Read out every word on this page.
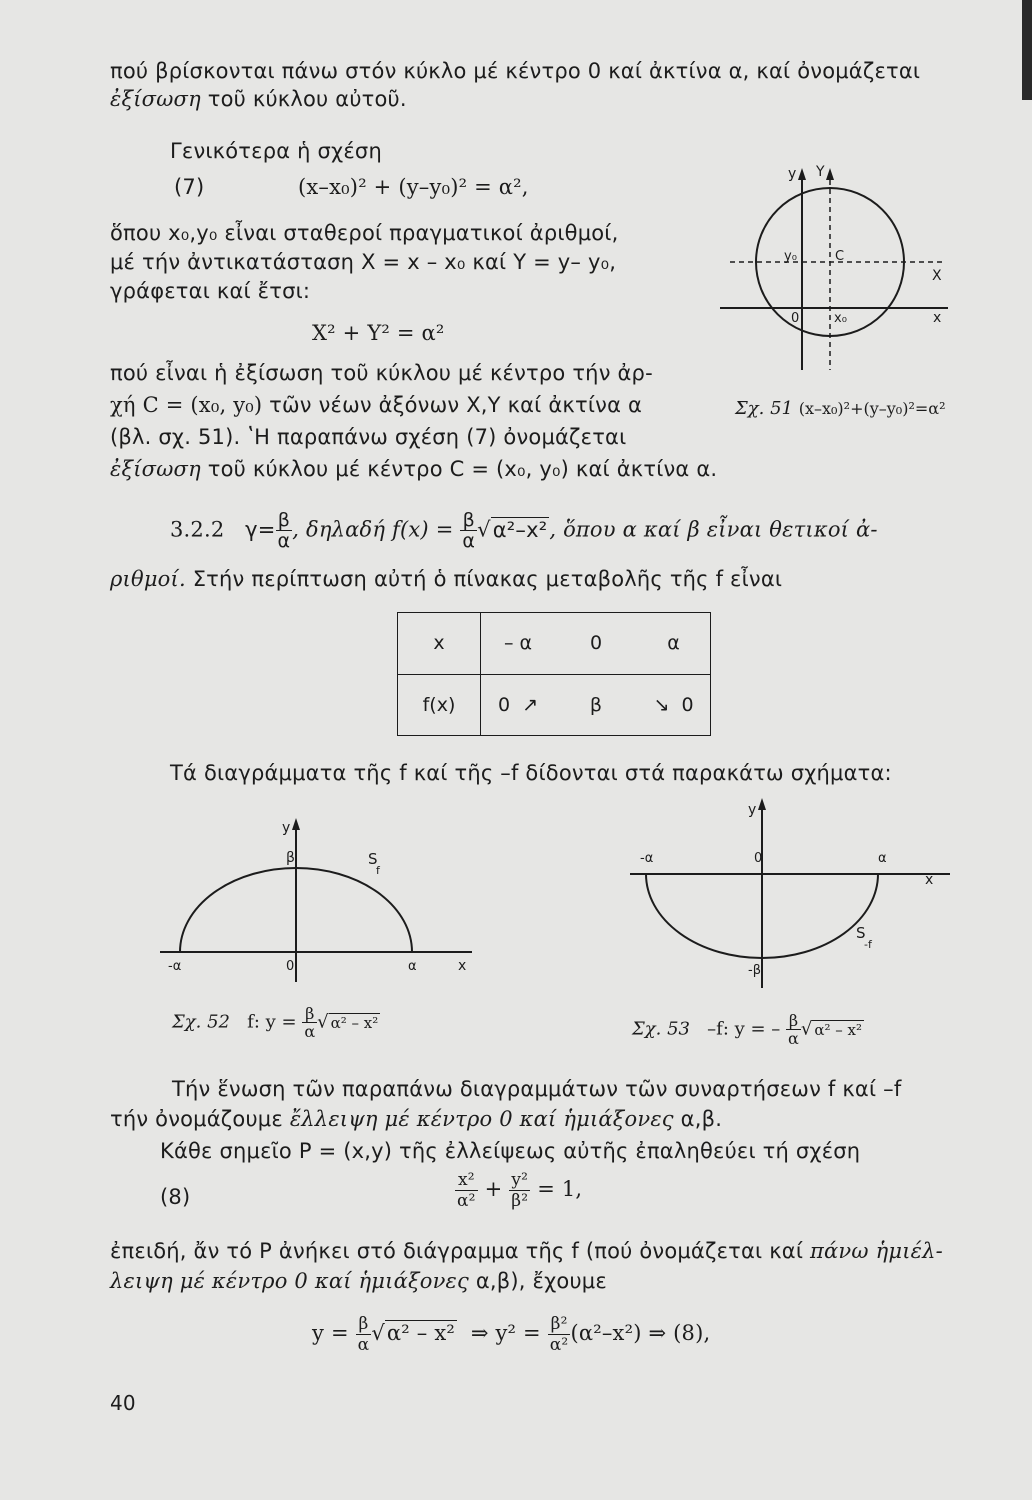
πού βρίσκονται πάνω στόν κύκλο μέ κέντρο 0 καί ἀκτίνα α, καί ὀνομάζεται
ἐξίσωση τοῦ κύκλου αὐτοῦ.
Γενικότερα ἡ σχέση
(7)	(x–x₀)² + (y–y₀)² = α²,
ὅπου x₀,y₀ εἶναι σταθεροί πραγματικοί ἀριθμοί,
μέ τήν ἀντικατάσταση X = x – x₀ καί Y = y– y₀,
γράφεται καί ἔτσι:
X² + Y² = α²
πού εἶναι ἡ ἐξίσωση τοῦ κύκλου μέ κέντρο τήν ἀρ-
χή C = (x₀, y₀) τῶν νέων ἀξόνων X,Y καί ἀκτίνα α
(βλ. σχ. 51). ʽΗ παραπάνω σχέση (7) ὀνομάζεται
ἐξίσωση τοῦ κύκλου μέ κέντρο C = (x₀, y₀) καί ἀκτίνα α.
y Y
y₀	C
X
0	x₀	x
Σχ. 51 (x–x₀)²+(y–y₀)²=α²
3.2.2 $\gamma= \frac{\beta}{\alpha}$ , δηλαδή $f(x) = \frac{\beta}{\alpha} √\alpha^2-x^2$, ὅπου α καί β εἶναι θετικοί ἀ-
ριθμοί. Στήν περίπτωση αὐτή ὁ πίνακας μεταβολῆς τῆς f εἶναι
x	– α	0	α
f(x)	0 ↗	β	↘ 0
Τά διαγράμματα τῆς f καί τῆς –f δίδονται στά παρακάτω σχήματα:
y
β	S
f
-α	0	α	x
Σχ. 52 f: $y = \frac{\beta}{\alpha}$ √ α² – x²
y
-α	0	α
x
S
-f
-β
Σχ. 53 –f: y = – $\frac{\beta}{\alpha}$ √ α² – x²
Τήν ἕνωση τῶν παραπάνω διαγραμμάτων τῶν συναρτήσεων f καί –f
τήν ὀνομάζουμε ἔλλειψη μέ κέντρο 0 καί ἡμιάξονες α,β.
Κάθε σημεῖο P = (x,y) τῆς ἐλλείψεως αὐτῆς ἐπαληθεύει τή σχέση
(8)	$\frac{\text{x²}}{\text{α²}} + \frac{\text{y²}}{\text{β²}} = 1$,
ἐπειδή, ἄν τό P ἀνήκει στό διάγραμμα τῆς f (πού ὀνομάζεται καί πάνω ἡμιέλ-
λειψη μέ κέντρο 0 καί ἡμιάξονες α,β), ἔχουμε
$y = \frac{\beta}{\alpha} √\alpha^2 - x^2$ ⇒ $y^2 = \frac{\text{β²}}{\text{α²}} (\alpha^2-x^2)$ ⇒ (8),
40
